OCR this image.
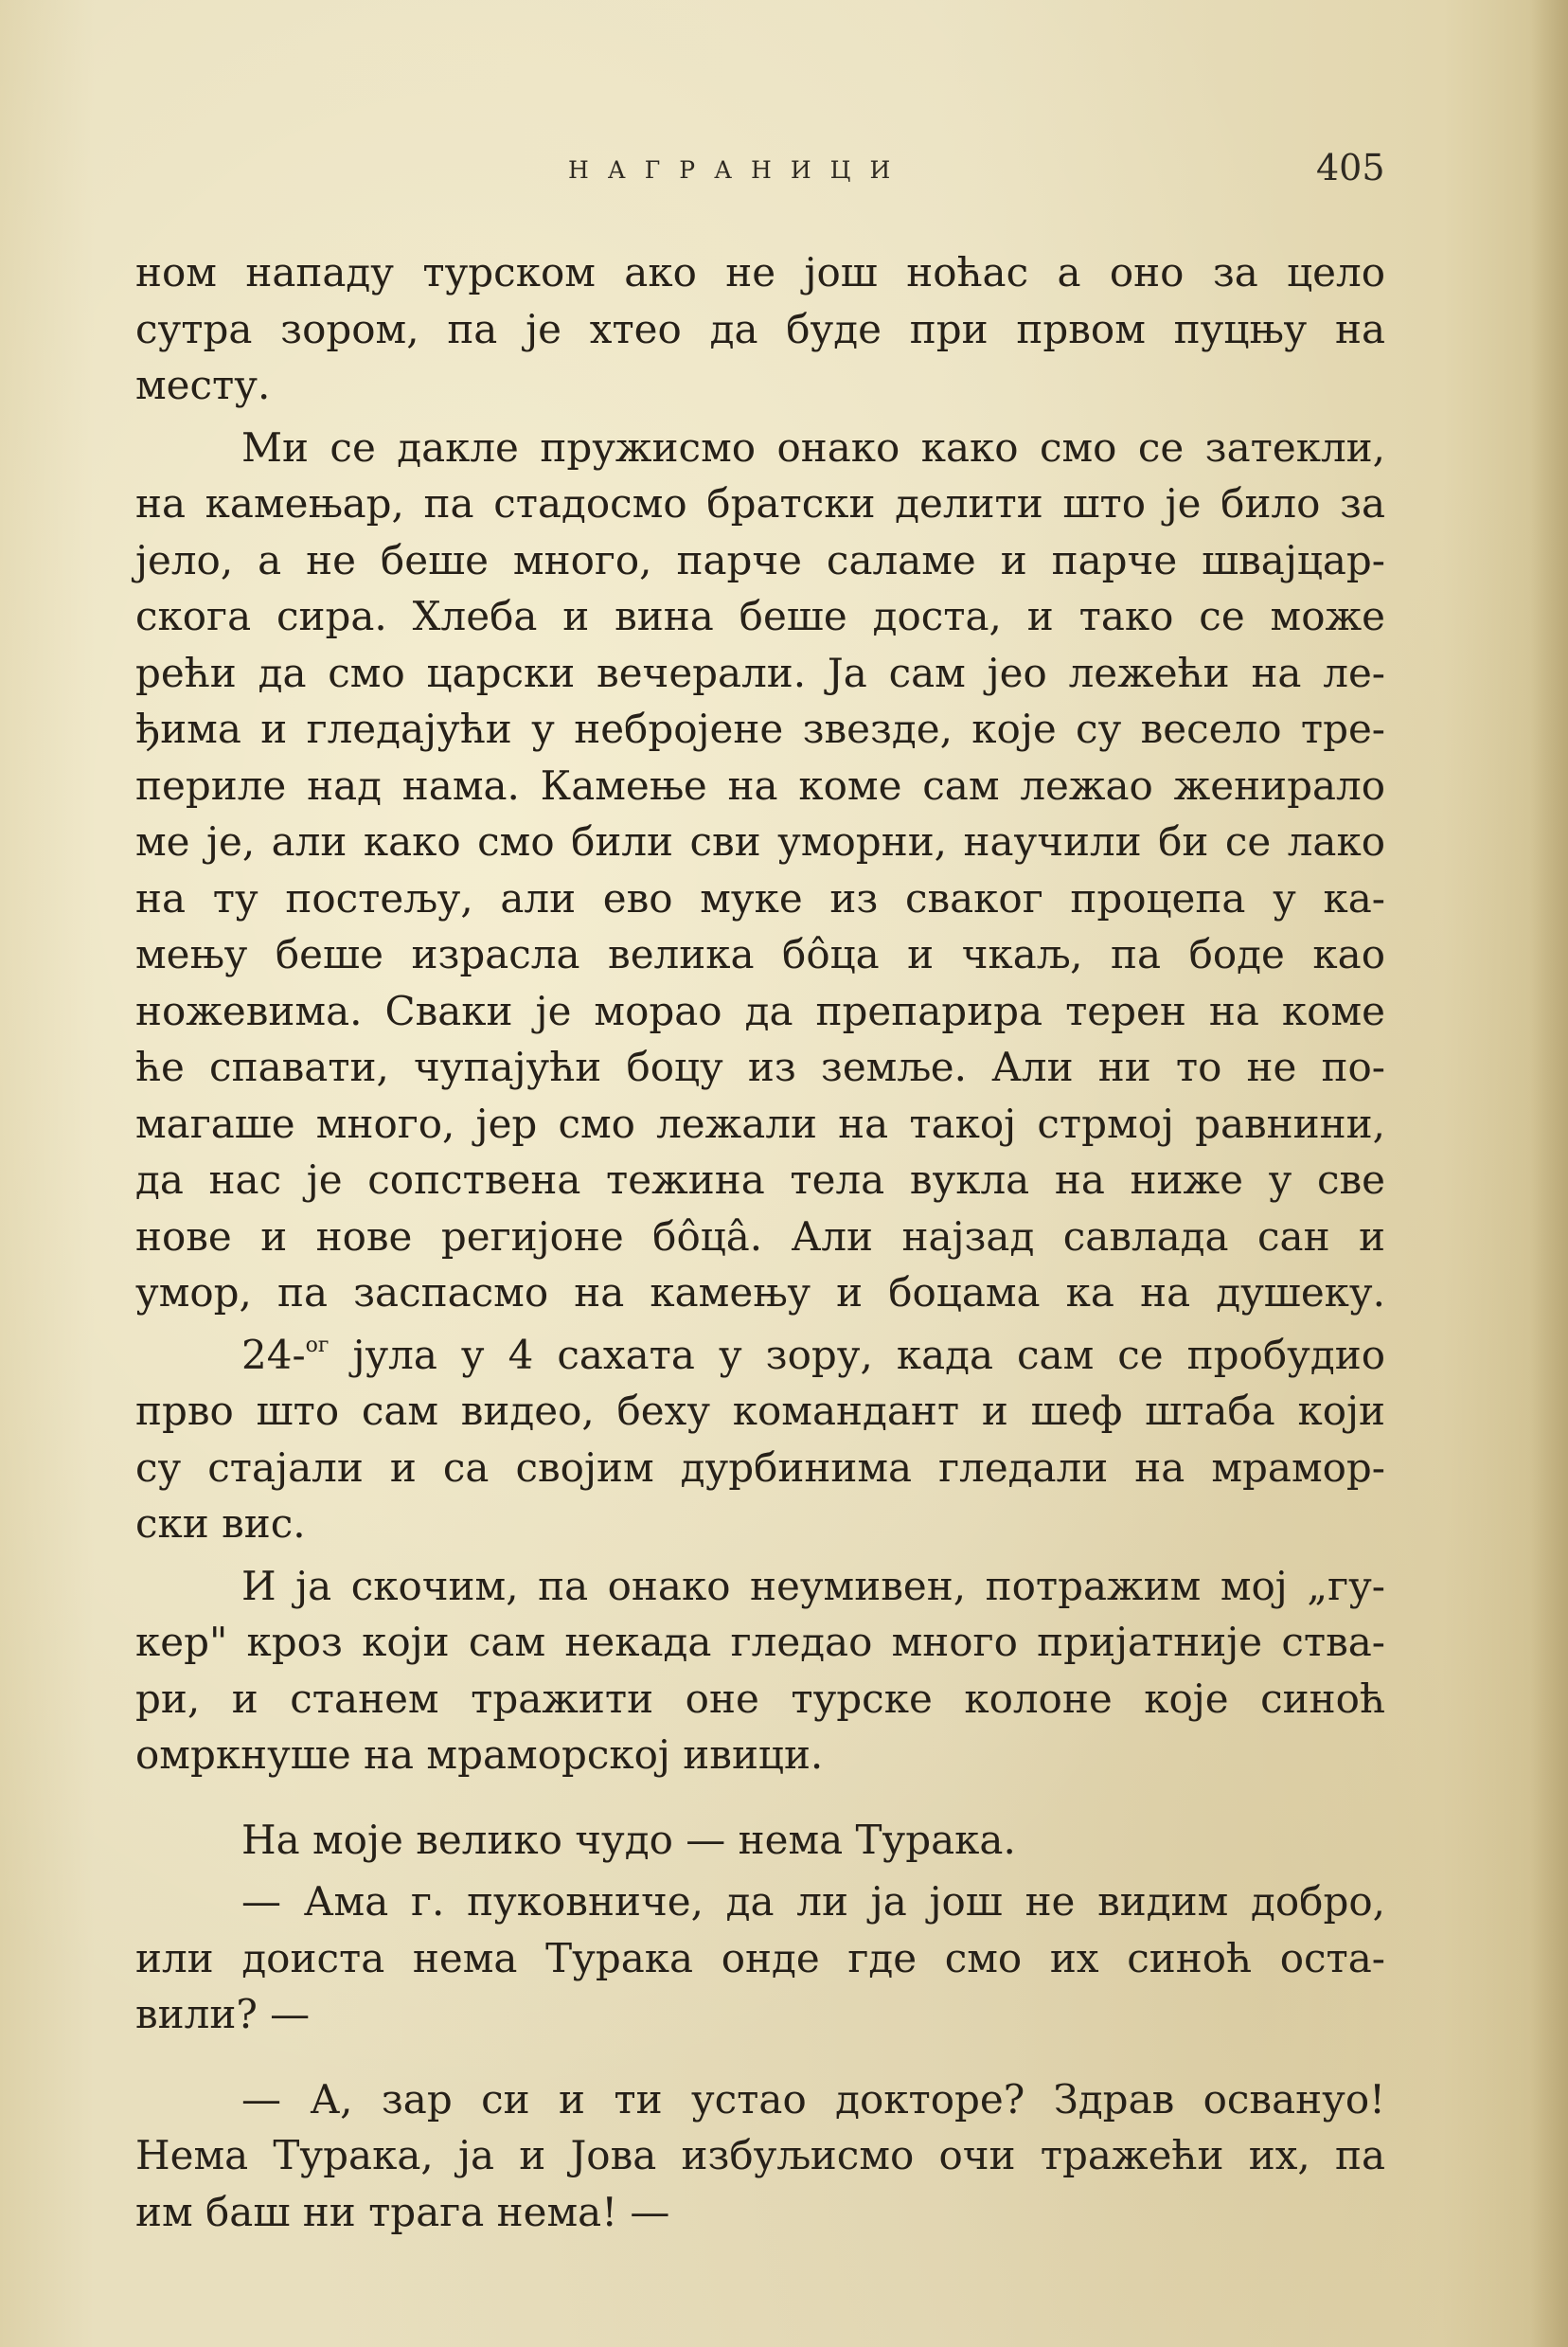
НАГРАНИЦИ	405
ном нападу турском ако не још ноћас а оно за цело
сутра зором, па је хтео да буде при првом пуцњу на
месту.
Ми се дакле пружисмо онако како смо се затекли,
на камењар, па стадосмо братски делити што је било за
јело, а не беше много, парче саламе и парче швајцар-
скога сира. Хлеба и вина беше доста, и тако се може
рећи да смо царски вечерали. Ја сам јео лежећи на ле-
ђима и гледајући у небројене звезде, које су весело тре-
периле над нама. Камење на коме сам лежао женирало
ме је, али како смо били сви уморни, научили би се лако
на ту постељу, али ево муке из сваког процепа у ка-
мењу беше израсла велика бо̂ца и чкаљ, па боде као
ножевима. Сваки је морао да препарира терен на коме
ће спавати, чупајући боцу из земље. Али ни то не по-
магаше много, јер смо лежали на такој стрмој равнини,
да нас је сопствена тежина тела вукла на ниже у све
нове и нове регијоне бо̂ца̂. Али најзад савлада сан и
умор, па заспасмо на камењу и боцама ка на душеку.
24-$^{ог}$ јула у 4 сахата у зору, када сам се пробудио
прво што сам видео, беху командант и шеф штаба који
су стајали и са својим дурбинима гледали на мрамор-
ски вис.
И ја скочим, па онако неумивен, потражим мој „гу-
кер" кроз који сам некада гледао много пријатније ства-
ри, и станем тражити оне турске колоне које синоћ
омркнуше на мраморској ивици.
На моје велико чудо — нема Турака.
— Ама г. пуковниче, да ли ја још не видим добро,
или доиста нема Турака онде где смо их синоћ оста-
вили? —
— А, зар си и ти устао докторе? Здрав освануо!
Нема Турака, ја и Јова избуљисмо очи тражећи их, па
им баш ни трага нема! —
